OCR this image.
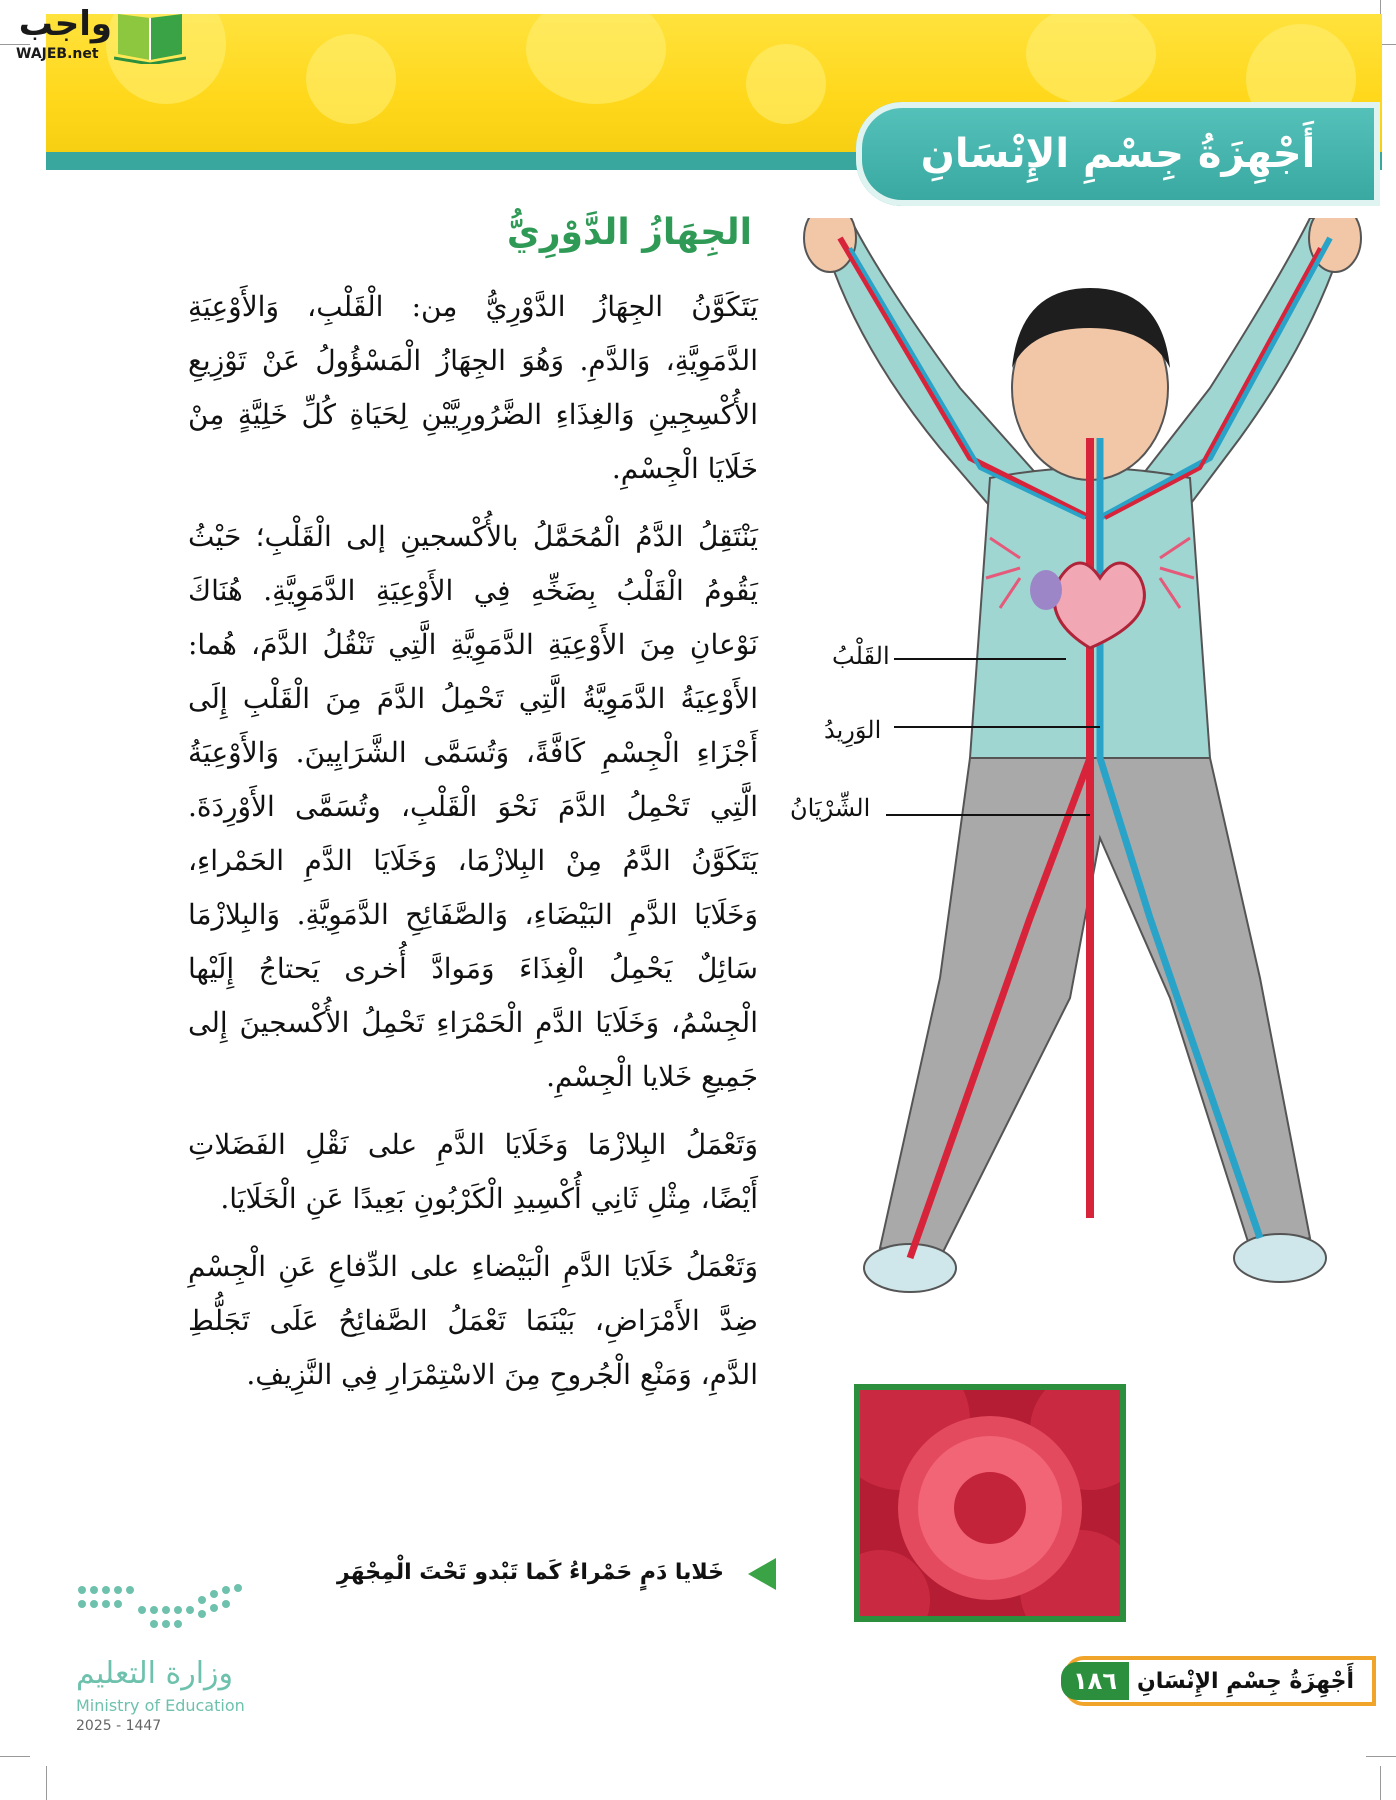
أَجْهِزَةُ جِسْمِ الإِنْسَانِ
واجب
WAJEB.net
الجِهَازُ الدَّوْرِيُّ

يَتَكَوَّنُ الجِهَازُ الدَّوْرِيُّ مِن: الْقَلْبِ، وَالأَوْعِيَةِ الدَّمَوِيَّةِ، وَالدَّمِ. وَهُوَ الجِهَازُ الْمَسْؤُولُ عَنْ تَوْزِيعِ الأُكْسِجِينِ وَالغِذَاءِ الضَّرُورِيَّيْنِ لِحَيَاةِ كُلِّ خَلِيَّةٍ مِنْ خَلَايَا الْجِسْمِ.

يَنْتَقِلُ الدَّمُ الْمُحَمَّلُ بالأُكْسجينِ إلى الْقَلْبِ؛ حَيْثُ يَقُومُ الْقَلْبُ بِضَخِّهِ فِي الأَوْعِيَةِ الدَّمَوِيَّةِ. هُنَاكَ نَوْعانِ مِنَ الأَوْعِيَةِ الدَّمَوِيَّةِ الَّتِي تَنْقُلُ الدَّمَ، هُما: الأَوْعِيَةُ الدَّمَوِيَّةُ الَّتِي تَحْمِلُ الدَّمَ مِنَ الْقَلْبِ إِلَى أَجْزَاءِ الْجِسْمِ كَافَّةً، وَتُسَمَّى الشَّرَايِينَ. وَالأَوْعِيَةُ الَّتِي تَحْمِلُ الدَّمَ نَحْوَ الْقَلْبِ، وتُسَمَّى الأَوْرِدَةَ. يَتَكَوَّنُ الدَّمُ مِنْ البِلازْمَا، وَخَلَايَا الدَّمِ الحَمْراءِ، وَخَلَايَا الدَّمِ البَيْضَاءِ، وَالصَّفَائِحِ الدَّمَوِيَّةِ. وَالبِلازْمَا سَائِلٌ يَحْمِلُ الْغِذَاءَ وَمَوادَّ أُخرى يَحتاجُ إِلَيْها الْجِسْمُ، وَخَلَايَا الدَّمِ الْحَمْرَاءِ تَحْمِلُ الأُكْسجينَ إِلى جَمِيعِ خَلايا الْجِسْمِ.

وَتَعْمَلُ البِلازْمَا وَخَلَايَا الدَّمِ على نَقْلِ الفَضَلاتِ أَيْضًا، مِثْلِ ثَانِي أُكْسِيدِ الْكَرْبُونِ بَعِيدًا عَنِ الْخَلَايَا.

وَتَعْمَلُ خَلَايَا الدَّمِ الْبَيْضاءِ على الدِّفاعِ عَنِ الْجِسْمِ ضِدَّ الأَمْرَاضِ، بَيْنَمَا تَعْمَلُ الصَّفائِحُ عَلَى تَجَلُّطِ الدَّمِ، وَمَنْعِ الْجُروحِ مِنَ الاسْتِمْرَارِ فِي النَّزِيفِ.

القَلْبُ
الوَرِيدُ
الشِّرْيَانُ
خَلايا دَمٍ حَمْراءُ كَما تَبْدو تَحْتَ الْمِجْهَرِ
وزارة التعليم
Ministry of Education
2025 - 1447
أَجْهِزَةُ جِسْمِ الإِنْسَانِ
١٨٦
